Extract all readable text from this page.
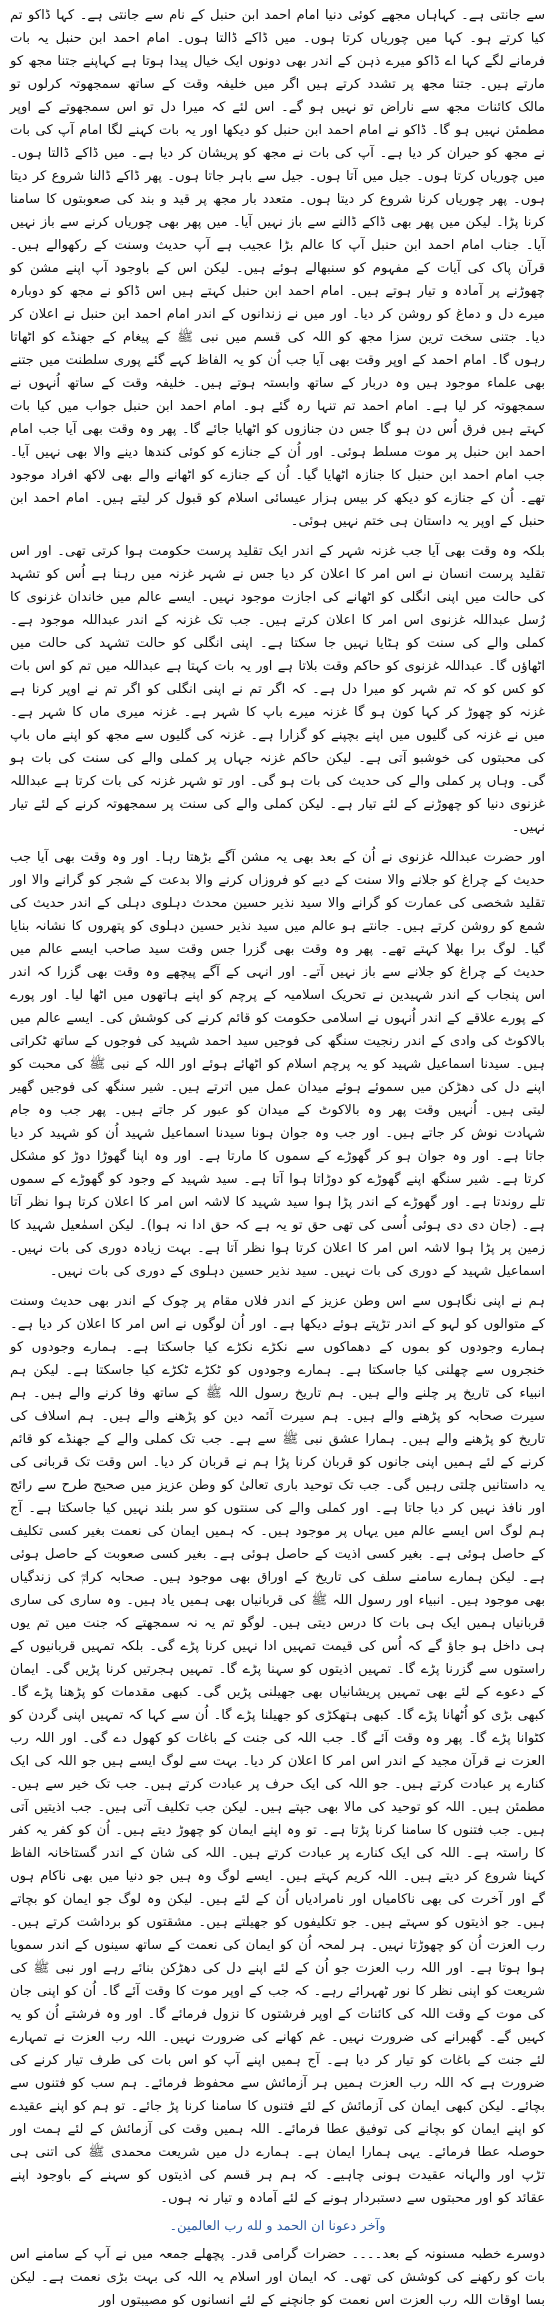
سے جانتی ہے۔ کہاہاں مجھے کوئی دنیا امام احمد ابن حنبل کے نام سے جانتی ہے۔ کہا ڈاکو تم کیا کرتے ہو۔ کہا میں چوریاں کرتا ہوں۔ میں ڈاکے ڈالتا ہوں۔ امام احمد ابن حنبل یہ بات فرمانے لگے کہا اے ڈاکو میرے ذہن کے اندر بھی دونوں ایک خیال پیدا ہوتا ہے کہاپنے جتنا مجھ کو مارتے ہیں۔ جتنا مجھ پر تشدد کرتے ہیں اگر میں خلیفہ وقت کے ساتھ سمجھوتہ کرلوں تو مالک کائنات مجھ سے ناراض تو نہیں ہو گے۔ اس لئے کہ میرا دل تو اس سمجھوتے کے اوپر مطمئن نہیں ہو گا۔ ڈاکو نے امام احمد ابن حنبل کو دیکھا اور یہ بات کہنے لگا امام آپ کی بات نے مجھ کو حیران کر دیا ہے۔ آپ کی بات نے مجھ کو پریشان کر دیا ہے۔ میں ڈاکے ڈالتا ہوں۔ میں چوریاں کرتا ہوں۔ جیل میں آتا ہوں۔ جیل سے باہر جاتا ہوں۔ پھر ڈاکے ڈالنا شروع کر دیتا ہوں۔ پھر چوریاں کرنا شروع کر دیتا ہوں۔ متعدد بار مجھ پر قید و بند کی صعوبتوں کا سامنا کرنا پڑا۔ لیکن میں پھر بھی ڈاکے ڈالنے سے باز نہیں آیا۔ میں پھر بھی چوریاں کرنے سے باز نہیں آیا۔ جناب امام احمد ابن حنبل آپ کا عالم بڑا عجیب ہے آپ حدیث وسنت کے رکھوالے ہیں۔ قرآن پاک کی آیات کے مفہوم کو سنبھالے ہوئے ہیں۔ لیکن اس کے باوجود آپ اپنے مشن کو چھوڑنے پر آمادہ و تیار ہوتے ہیں۔ امام احمد ابن حنبل کہتے ہیں اس ڈاکو نے مجھ کو دوبارہ میرے دل و دماغ کو روشن کر دیا۔ اور میں نے زندانوں کے اندر امام احمد ابن حنبل نے اعلان کر دیا۔ جتنی سخت ترین سزا مجھ کو اللہ کی قسم میں نبی ﷺ کے پیغام کے جھنڈے کو اٹھاتا رہوں گا۔ امام احمد کے اوپر وقت بھی آیا جب اُن کو یہ الفاظ کہے گئے پوری سلطنت میں جتنے بھی علماء موجود ہیں وہ دربار کے ساتھ وابستہ ہوتے ہیں۔ خلیفہ وقت کے ساتھ اُنہوں نے سمجھوتہ کر لیا ہے۔ امام احمد تم تنہا رہ گئے ہو۔ امام احمد ابن حنبل جواب میں کیا بات کہتے ہیں فرق اُس دن ہو گا جس دن جنازوں کو اٹھایا جائے گا۔ پھر وہ وقت بھی آیا جب امام احمد ابن حنبل پر موت مسلط ہوئی۔ اور اُن کے جنازے کو کوئی کندھا دینے والا بھی نہیں آیا۔ جب امام احمد ابن حنبل کا جنازہ اٹھایا گیا۔ اُن کے جنازے کو اٹھانے والے بھی لاکھ افراد موجود تھے۔ اُن کے جنازے کو دیکھ کر بیس ہزار عیسائی اسلام کو قبول کر لیتے ہیں۔ امام احمد ابن حنبل کے اوپر یہ داستان ہی ختم نہیں ہوئی۔

بلکہ وہ وقت بھی آیا جب غزنہ شہر کے اندر ایک تقلید پرست حکومت ہوا کرتی تھی۔ اور اس تقلید پرست انسان نے اس امر کا اعلان کر دیا جس نے شہر غزنہ میں رہنا ہے اُس کو تشہد کی حالت میں اپنی انگلی کو اٹھانے کی اجازت موجود نہیں۔ ایسے عالم میں خاندان غزنوی کا رُسل عبداللہ غزنوی اس امر کا اعلان کرتے ہیں۔ جب تک غزنہ کے اندر عبداللہ موجود ہے۔ کملی والے کی سنت کو ہٹایا نہیں جا سکتا ہے۔ اپنی انگلی کو حالت تشہد کی حالت میں اٹھاؤں گا۔ عبداللہ غزنوی کو حاکم وقت بلاتا ہے اور یہ بات کہتا ہے عبداللہ میں تم کو اس بات کو کس کو کہ تم شہر کو میرا دل ہے۔ کہ اگر تم نے اپنی انگلی کو اگر تم نے اوپر کرنا ہے غزنہ کو چھوڑ کر کہا کون ہو گا غزنہ میرے باپ کا شہر ہے۔ غزنہ میری ماں کا شہر ہے۔ میں نے غزنہ کی گلیوں میں اپنے بچپنے کو گزارا ہے۔ غزنہ کی گلیوں سے مجھ کو اپنے ماں باپ کی محبتوں کی خوشبو آتی ہے۔ لیکن حاکم غزنہ جہاں پر کملی والے کی سنت کی بات ہو گی۔ وہاں پر کملی والے کی حدیث کی بات ہو گی۔ اور تو شہر غزنہ کی بات کرتا ہے عبداللہ غزنوی دنیا کو چھوڑنے کے لئے تیار ہے۔ لیکن کملی والے کی سنت پر سمجھوتہ کرنے کے لئے تیار نہیں۔

اور حضرت عبداللہ غزنوی نے اُن کے بعد بھی یہ مشن آگے بڑھتا رہا۔ اور وہ وقت بھی آیا جب حدیث کے چراغ کو جلانے والا سنت کے دیے کو فروزاں کرنے والا بدعت کے شجر کو گرانے والا اور تقلید شخصی کی عمارت کو گرانے والا سید نذیر حسین محدث دہلوی دہلی کے اندر حدیث کی شمع کو روشن کرتے ہیں۔ جانتے ہو عالم میں سید نذیر حسین دہلوی کو پتھروں کا نشانہ بنایا گیا۔ لوگ برا بھلا کہتے تھے۔ پھر وہ وقت بھی گزرا جس وقت سید صاحب ایسے عالم میں حدیث کے چراغ کو جلانے سے باز نہیں آتے۔ اور انہی کے آگے پیچھے وہ وقت بھی گزرا کہ اندر اس پنجاب کے اندر شہیدین نے تحریک اسلامیہ کے پرچم کو اپنے ہاتھوں میں اٹھا لیا۔ اور پورے کے پورے علاقے کے اندر اُنہوں نے اسلامی حکومت کو قائم کرنے کی کوشش کی۔ ایسے عالم میں بالاکوٹ کی وادی کے اندر رنجیت سنگھ کی فوجیں سید احمد شہید کی فوجوں کے ساتھ ٹکراتی ہیں۔ سیدنا اسماعیل شہید کو یہ پرچم اسلام کو اٹھائے ہوئے اور اللہ کے نبی ﷺ کی محبت کو اپنے دل کی دھڑکن میں سموئے ہوئے میدان عمل میں اترتے ہیں۔ شیر سنگھ کی فوجیں گھیر لیتی ہیں۔ اُنہیں وقت پھر وہ بالاکوٹ کے میدان کو عبور کر جاتے ہیں۔ پھر جب وہ جام شہادت نوش کر جاتے ہیں۔ اور جب وہ جوان ہونا سیدنا اسماعیل شہید اُن کو شہید کر دیا جاتا ہے۔ اور وہ جوان ہو کر گھوڑے کے سموں کا مارتا ہے۔ اور وہ اپنا گھوڑا دوڑ کو مشکل کرتا ہے۔ شیر سنگھ اپنے گھوڑے کو دوڑاتا ہوا آتا ہے۔ سید شہید کے وجود کو گھوڑے کے سموں تلے روندتا ہے۔ اور گھوڑے کے اندر پڑا ہوا سید شہید کا لاشہ اس امر کا اعلان کرتا ہوا نظر آتا ہے۔ (جان دی دی ہوئی اُسی کی تھی حق تو یہ ہے کہ حق ادا نہ ہوا)۔ لیکن اسمٰعیل شہید کا زمین پر پڑا ہوا لاشہ اس امر کا اعلان کرتا ہوا نظر آتا ہے۔ بہت زیادہ دوری کی بات نہیں۔ اسماعیل شہید کے دوری کی بات نہیں۔ سید نذیر حسین دہلوی کے دوری کی بات نہیں۔

ہم نے اپنی نگاہوں سے اس وطن عزیز کے اندر فلاں مقام پر چوک کے اندر بھی حدیث وسنت کے متوالوں کو لہو کے اندر تڑپتے ہوئے دیکھا ہے۔ اور اُن لوگوں نے اس امر کا اعلان کر دیا ہے۔ ہمارے وجودوں کو بموں کے دھماکوں سے نکڑے نکڑے کیا جاسکتا ہے۔ ہمارے وجودوں کو خنجروں سے چھلنی کیا جاسکتا ہے۔ ہمارے وجودوں کو ٹکڑے ٹکڑے کیا جاسکتا ہے۔ لیکن ہم انبیاء کی تاریخ پر چلنے والے ہیں۔ ہم تاریخ رسول اللہ ﷺ کے ساتھ وفا کرنے والے ہیں۔ ہم سیرت صحابہ کو پڑھنے والے ہیں۔ ہم سیرت آئمہ دین کو پڑھنے والے ہیں۔ ہم اسلاف کی تاریخ کو پڑھنے والے ہیں۔ ہمارا عشق نبی ﷺ سے ہے۔ جب تک کملی والے کے جھنڈے کو قائم کرنے کے لئے ہمیں اپنی جانوں کو قربان کرنا پڑا ہم نے قربان کر دیا۔ اس وقت تک قربانی کی یہ داستانیں چلتی رہیں گی۔ جب تک توحید باری تعالیٰ کو وطن عزیز میں صحیح طرح سے رائج اور نافذ نہیں کر دیا جاتا ہے۔ اور کملی والے کی سنتوں کو سر بلند نہیں کیا جاسکتا ہے۔ آج ہم لوگ اس ایسے عالم میں یہاں پر موجود ہیں۔ کہ ہمیں ایمان کی نعمت بغیر کسی تکلیف کے حاصل ہوئی ہے۔ بغیر کسی اذیت کے حاصل ہوئی ہے۔ بغیر کسی صعوبت کے حاصل ہوئی ہے۔ لیکن ہمارے سامنے سلف کی تاریخ کے اوراق بھی موجود ہیں۔ صحابہ کرامؓ کی زندگیاں بھی موجود ہیں۔ انبیاء اور رسول اللہ ﷺ کی قربانیاں بھی ہمیں یاد ہیں۔ وہ ساری کی ساری قربانیاں ہمیں ایک ہی بات کا درس دیتی ہیں۔ لوگو تم یہ نہ سمجھتے کہ جنت میں تم یوں ہی داخل ہو جاؤ گے کہ اُس کی قیمت تمہیں ادا نہیں کرنا پڑے گی۔ بلکہ تمہیں قربانیوں کے راستوں سے گزرنا پڑے گا۔ تمہیں اذیتوں کو سہنا پڑے گا۔ تمہیں ہجرتیں کرنا پڑیں گی۔ ایمان کے دعوے کے لئے بھی تمہیں پریشانیاں بھی جھیلنی پڑیں گی۔ کبھی مقدمات کو پڑھنا پڑے گا۔ کبھی بڑی کو اُٹھانا پڑے گا۔ کبھی ہتھکڑی کو جھیلنا پڑے گا۔ اُن سے کہا کہ تمہیں اپنی گردن کو کٹوانا پڑے گا۔ پھر وہ وقت آئے گا۔ جب اللہ کی جنت کے باغات کو کھول دے گی۔ اور اللہ رب العزت نے قرآن مجید کے اندر اس امر کا اعلان کر دیا۔ بہت سے لوگ ایسے ہیں جو اللہ کی ایک کنارے پر عبادت کرتے ہیں۔ جو اللہ کی ایک حرف پر عبادت کرتے ہیں۔ جب تک خیر سے ہیں۔ مطمئن ہیں۔ اللہ کو توحید کی مالا بھی جپتے ہیں۔ لیکن جب تکلیف آتی ہیں۔ جب اذیتیں آتی ہیں۔ جب فتنوں کا سامنا کرنا پڑتا ہے۔ تو وہ اپنے ایمان کو چھوڑ دیتے ہیں۔ اُن کو کفر یہ کفر کا راستہ ہے۔ اللہ کی ایک کنارے پر عبادت کرتے ہیں۔ اللہ کی شان کے اندر گستاخانہ الفاظ کہنا شروع کر دیتے ہیں۔ اللہ کریم کہتے ہیں۔ ایسے لوگ وہ ہیں جو دنیا میں بھی ناکام ہوں گے اور آخرت کی بھی ناکامیاں اور نامرادیاں اُن کے لئے ہیں۔ لیکن وہ لوگ جو ایمان کو بچاتے ہیں۔ جو اذیتوں کو سہتے ہیں۔ جو تکلیفوں کو جھیلتے ہیں۔ مشقتوں کو برداشت کرتے ہیں۔ رب العزت اُن کو چھوڑتا نہیں۔ ہر لمحہ اُن کو ایمان کی نعمت کے ساتھ سینوں کے اندر سمویا ہوا ہوتا ہے۔ اور اللہ رب العزت جو اُن کے لئے اپنے دل کی دھڑکن بنائے رہے اور نبی ﷺ کی شریعت کو اپنی نظر کا نور ٹھہرائے رہے۔ کہ جب کے اوپر موت کا وقت آئے گا۔ اُن کو اپنی جان کی موت کے وقت اللہ کی کائنات کے اوپر فرشتوں کا نزول فرمائے گا۔ اور وہ فرشتے اُن کو یہ کہیں گے۔ گھبرانے کی ضرورت نہیں۔ غم کھانے کی ضرورت نہیں۔ اللہ رب العزت نے تمہارے لئے جنت کے باغات کو تیار کر دیا ہے۔ آج ہمیں اپنے آپ کو اس بات کی طرف تیار کرنے کی ضرورت ہے کہ اللہ رب العزت ہمیں ہر آزمائش سے محفوظ فرمائے۔ ہم سب کو فتنوں سے بچائے۔ لیکن کبھی ایمان کی آزمائش کے لئے فتنوں کا سامنا کرنا پڑ جائے۔ تو ہم کو اپنے عقیدے کو اپنے ایمان کو بچانے کی توفیق عطا فرمائے۔ اللہ ہمیں وقت کی آزمائش کے لئے ہمت اور حوصلہ عطا فرمائے۔ یہی ہمارا ایمان ہے۔ ہمارے دل میں شریعت محمدی ﷺ کی اتنی ہی تڑپ اور والہانہ عقیدت ہونی چاہیے۔ کہ ہم ہر قسم کی اذیتوں کو سہنے کے باوجود اپنے عقائد کو اور محبتوں سے دستبردار ہونے کے لئے آمادہ و تیار نہ ہوں۔

وآخر دعونا ان الحمد و لله رب العالمين۔

دوسرے خطبہ مسنونہ کے بعد۔۔۔۔ حضرات گرامی قدر۔ پچھلے جمعہ میں نے آپ کے سامنے اس بات کو رکھنے کی کوشش کی تھی۔ کہ ایمان اور اسلام یہ اللہ کی بہت بڑی نعمت ہے۔ لیکن بسا اوقات اللہ رب العزت اس نعمت کو جانچنے کے لئے انسانوں کو مصیبتوں اور
